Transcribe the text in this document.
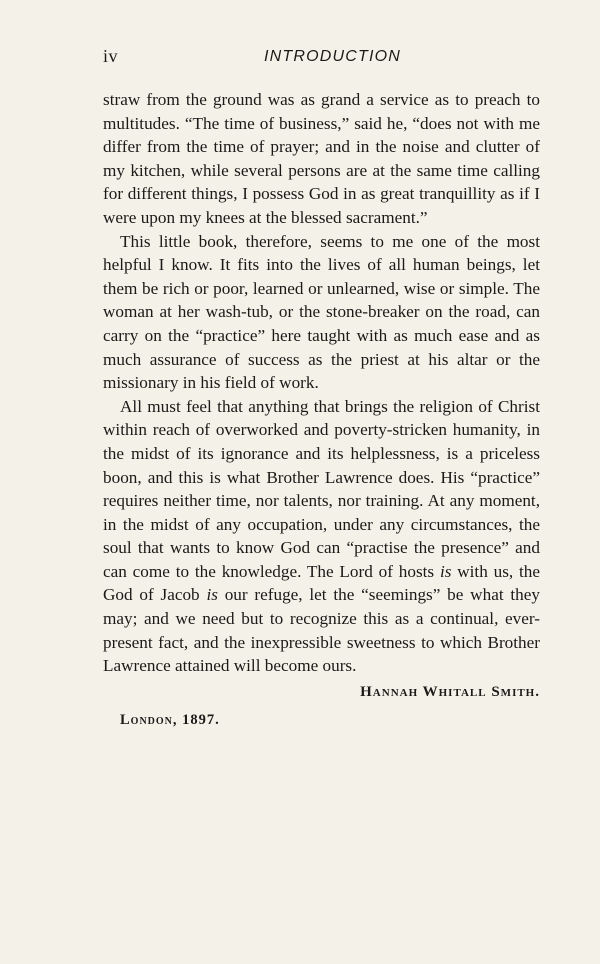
iv	INTRODUCTION

straw from the ground was as grand a service as to preach to multitudes. “The time of business,” said he, “does not with me differ from the time of prayer; and in the noise and clutter of my kitchen, while several persons are at the same time calling for different things, I possess God in as great tranquillity as if I were upon my knees at the blessed sacrament.”

This little book, therefore, seems to me one of the most helpful I know. It fits into the lives of all human beings, let them be rich or poor, learned or unlearned, wise or simple. The woman at her wash-tub, or the stone-breaker on the road, can carry on the “practice” here taught with as much ease and as much assurance of success as the priest at his altar or the missionary in his field of work.

All must feel that anything that brings the religion of Christ within reach of overworked and poverty-stricken humanity, in the midst of its ignorance and its helplessness, is a priceless boon, and this is what Brother Lawrence does. His “practice” requires neither time, nor talents, nor training. At any moment, in the midst of any occupation, under any circumstances, the soul that wants to know God can “practise the presence” and can come to the knowledge. The Lord of hosts is with us, the God of Jacob is our refuge, let the “seemings” be what they may; and we need but to recognize this as a continual, ever-present fact, and the inexpressible sweetness to which Brother Lawrence attained will become ours.

Hannah Whitall Smith.

London, 1897.
